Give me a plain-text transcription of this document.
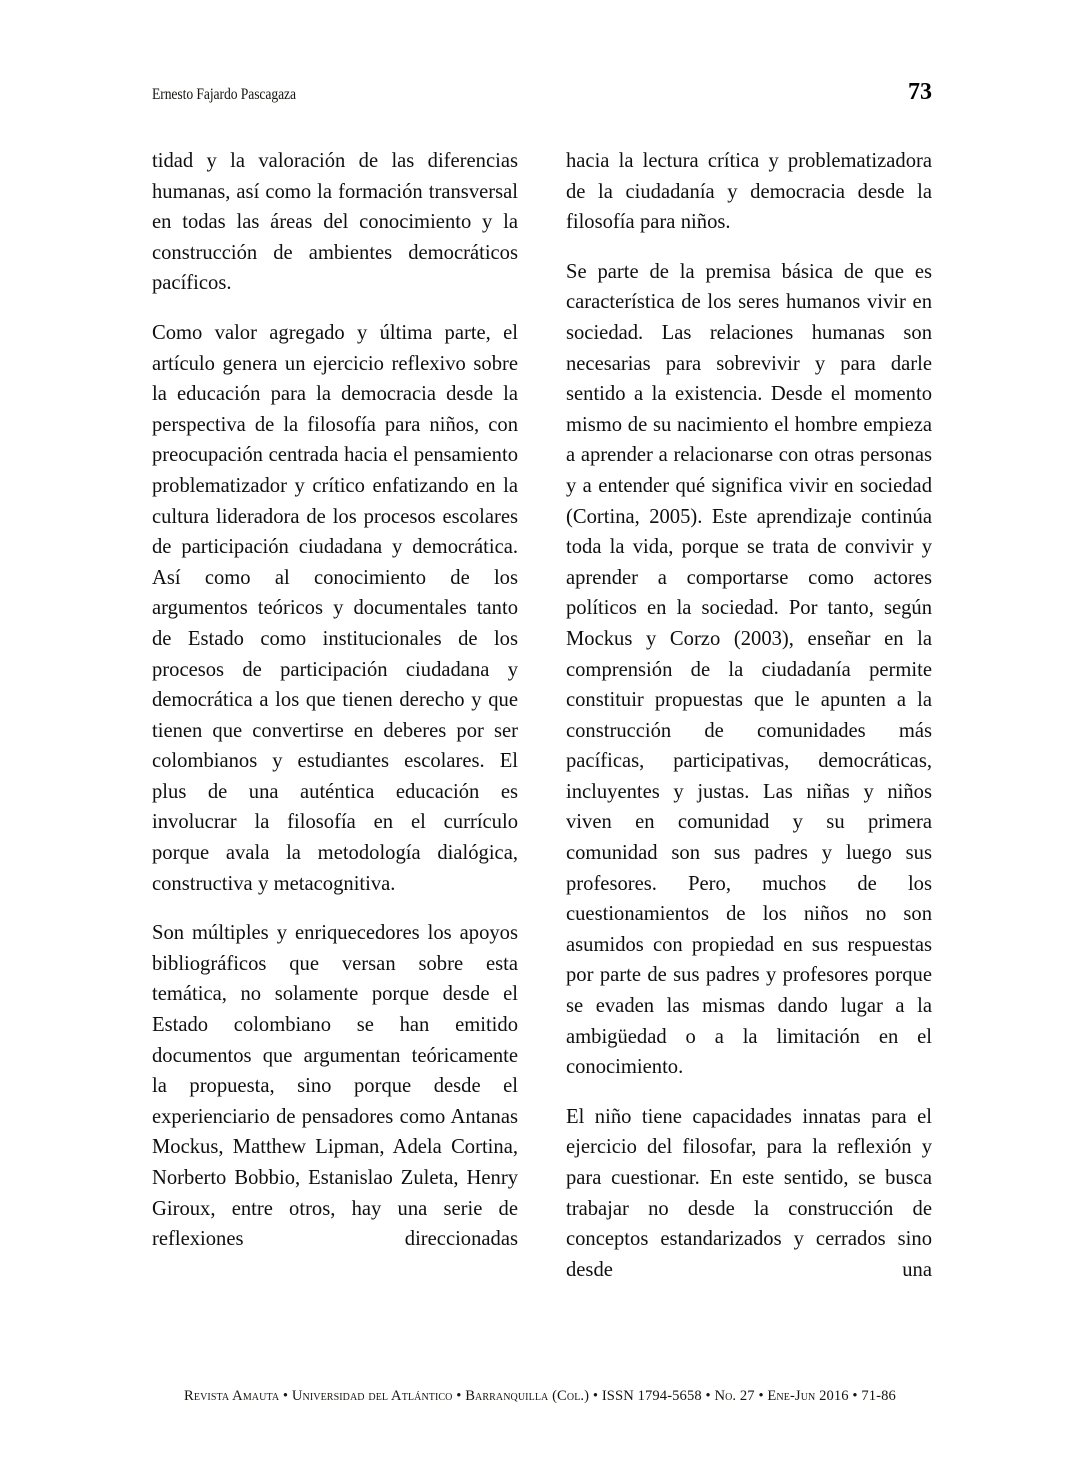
Ernesto Fajardo Pascagaza	73

tidad y la valoración de las diferencias humanas, así como la formación transversal en todas las áreas del conocimiento y la construcción de ambientes democráticos pacíficos.

Como valor agregado y última parte, el artículo genera un ejercicio reflexivo sobre la educación para la democracia desde la perspectiva de la filosofía para niños, con preocupación centrada hacia el pensamiento problematizador y crítico enfatizando en la cultura lideradora de los procesos escolares de participación ciudadana y democrática. Así como al conocimiento de los argumentos teóricos y documentales tanto de Estado como institucionales de los procesos de participación ciudadana y democrática a los que tienen derecho y que tienen que convertirse en deberes por ser colombianos y estudiantes escolares. El plus de una auténtica educación es involucrar la filosofía en el currículo porque avala la metodología dialógica, constructiva y metacognitiva.

Son múltiples y enriquecedores los apoyos bibliográficos que versan sobre esta temática, no solamente porque desde el Estado colombiano se han emitido documentos que argumentan teóricamente la propuesta, sino porque desde el experienciario de pensadores como Antanas Mockus, Matthew Lipman, Adela Cortina, Norberto Bobbio, Estanislao Zuleta, Henry Giroux, entre otros, hay una serie de reflexiones direccionadas

hacia la lectura crítica y problematizadora de la ciudadanía y democracia desde la filosofía para niños.

Se parte de la premisa básica de que es característica de los seres humanos vivir en sociedad. Las relaciones humanas son necesarias para sobrevivir y para darle sentido a la existencia. Desde el momento mismo de su nacimiento el hombre empieza a aprender a relacionarse con otras personas y a entender qué significa vivir en sociedad (Cortina, 2005). Este aprendizaje continúa toda la vida, porque se trata de convivir y aprender a comportarse como actores políticos en la sociedad. Por tanto, según Mockus y Corzo (2003), enseñar en la comprensión de la ciudadanía permite constituir propuestas que le apunten a la construcción de comunidades más pacíficas, participativas, democráticas, incluyentes y justas. Las niñas y niños viven en comunidad y su primera comunidad son sus padres y luego sus profesores. Pero, muchos de los cuestionamientos de los niños no son asumidos con propiedad en sus respuestas por parte de sus padres y profesores porque se evaden las mismas dando lugar a la ambigüedad o a la limitación en el conocimiento.

El niño tiene capacidades innatas para el ejercicio del filosofar, para la reflexión y para cuestionar. En este sentido, se busca trabajar no desde la construcción de conceptos estandarizados y cerrados sino desde una

Revista Amauta • Universidad del Atlántico • Barranquilla (Col.) • ISSN 1794-5658 • No. 27 • Ene-Jun 2016 • 71-86
